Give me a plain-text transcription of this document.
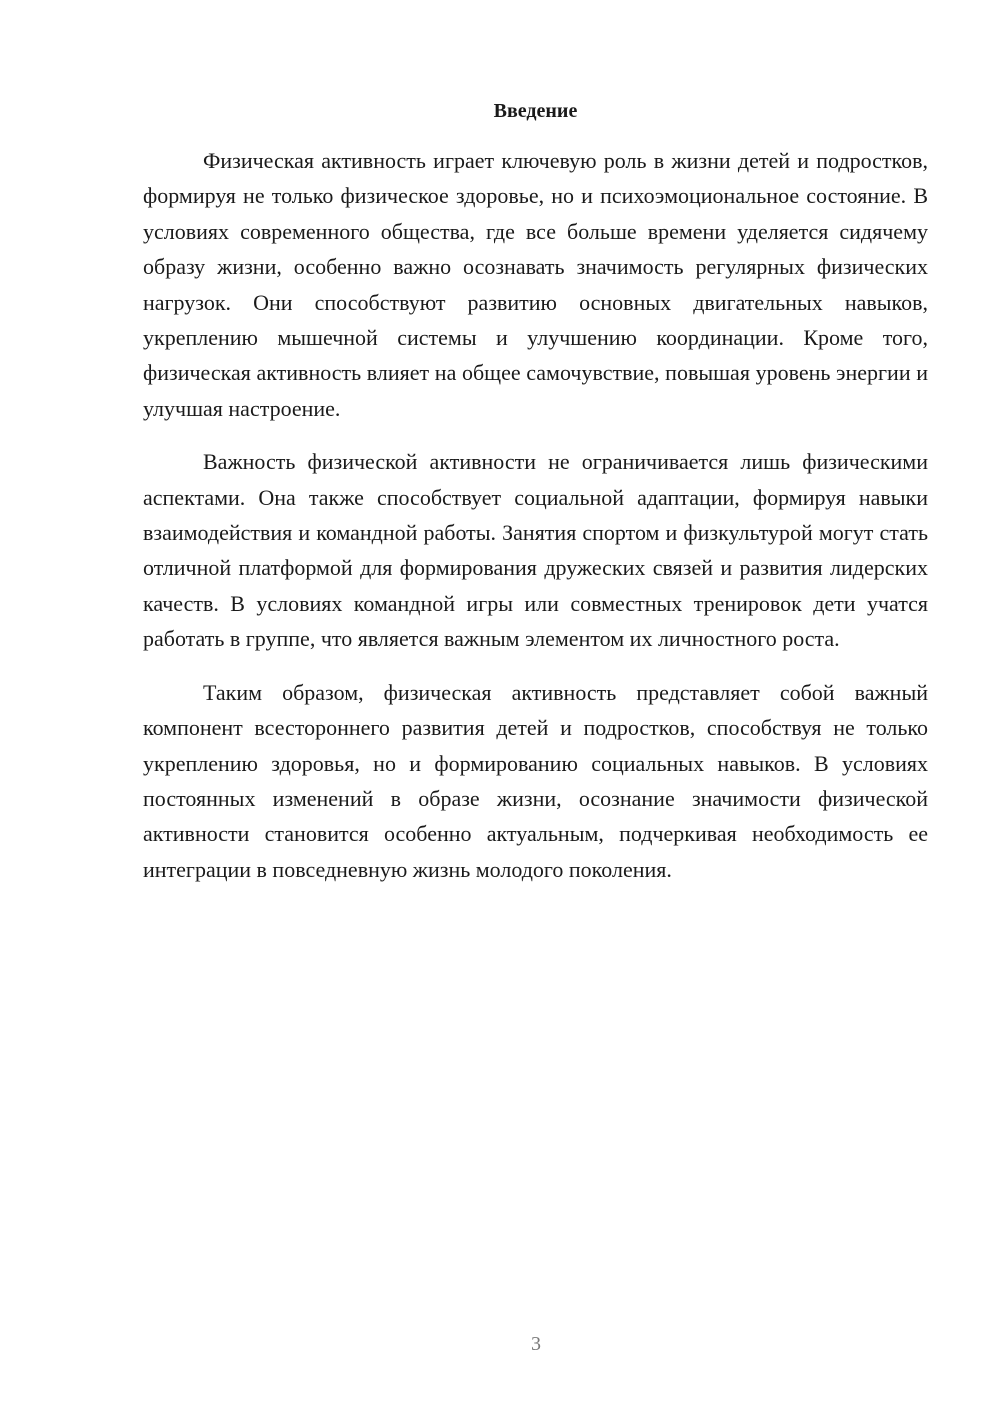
Введение

Физическая активность играет ключевую роль в жизни детей и подростков, формируя не только физическое здоровье, но и психоэмоциональное состояние. В условиях современного общества, где все больше времени уделяется сидячему образу жизни, особенно важно осознавать значимость регулярных физических нагрузок. Они способствуют развитию основных двигательных навыков, укреплению мышечной системы и улучшению координации. Кроме того, физическая активность влияет на общее самочувствие, повышая уровень энергии и улучшая настроение.

Важность физической активности не ограничивается лишь физическими аспектами. Она также способствует социальной адаптации, формируя навыки взаимодействия и командной работы. Занятия спортом и физкультурой могут стать отличной платформой для формирования дружеских связей и развития лидерских качеств. В условиях командной игры или совместных тренировок дети учатся работать в группе, что является важным элементом их личностного роста.

Таким образом, физическая активность представляет собой важный компонент всестороннего развития детей и подростков, способствуя не только укреплению здоровья, но и формированию социальных навыков. В условиях постоянных изменений в образе жизни, осознание значимости физической активности становится особенно актуальным, подчеркивая необходимость ее интеграции в повседневную жизнь молодого поколения.

3
